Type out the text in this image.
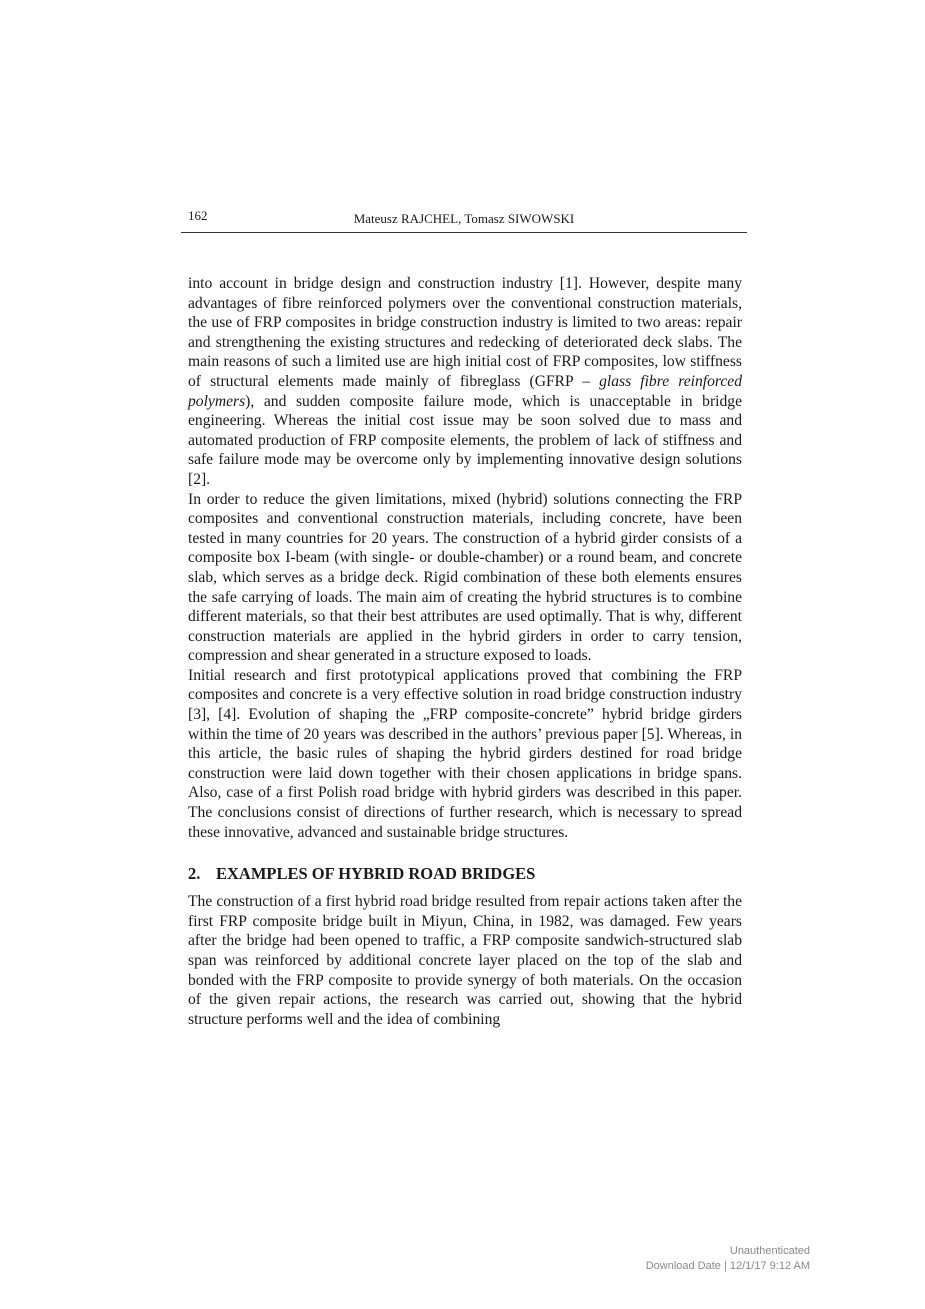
162	Mateusz RAJCHEL, Tomasz SIWOWSKI

into account in bridge design and construction industry [1]. However, despite many advantages of fibre reinforced polymers over the conventional construction materials, the use of FRP composites in bridge construction industry is limited to two areas: repair and strengthening the existing structures and redecking of deteriorated deck slabs. The main reasons of such a limited use are high initial cost of FRP composites, low stiffness of structural elements made mainly of fibreglass (GFRP – glass fibre reinforced polymers), and sudden composite failure mode, which is unacceptable in bridge engineering. Whereas the initial cost issue may be soon solved due to mass and automated production of FRP composite elements, the problem of lack of stiffness and safe failure mode may be overcome only by implementing innovative design solutions [2].

In order to reduce the given limitations, mixed (hybrid) solutions connecting the FRP composites and conventional construction materials, including concrete, have been tested in many countries for 20 years. The construction of a hybrid girder consists of a composite box I-beam (with single- or double-chamber) or a round beam, and concrete slab, which serves as a bridge deck. Rigid combination of these both elements ensures the safe carrying of loads. The main aim of creating the hybrid structures is to combine different materials, so that their best attributes are used optimally. That is why, different construction materials are applied in the hybrid girders in order to carry tension, compression and shear generated in a structure exposed to loads.

Initial research and first prototypical applications proved that combining the FRP composites and concrete is a very effective solution in road bridge construction industry [3], [4]. Evolution of shaping the „FRP composite-concrete” hybrid bridge girders within the time of 20 years was described in the authors’ previous paper [5]. Whereas, in this article, the basic rules of shaping the hybrid girders destined for road bridge construction were laid down together with their chosen applications in bridge spans. Also, case of a first Polish road bridge with hybrid girders was described in this paper. The conclusions consist of directions of further research, which is necessary to spread these innovative, advanced and sustainable bridge structures.

2. EXAMPLES OF HYBRID ROAD BRIDGES

The construction of a first hybrid road bridge resulted from repair actions taken after the first FRP composite bridge built in Miyun, China, in 1982, was damaged. Few years after the bridge had been opened to traffic, a FRP composite sandwich-structured slab span was reinforced by additional concrete layer placed on the top of the slab and bonded with the FRP composite to provide synergy of both materials. On the occasion of the given repair actions, the research was carried out, showing that the hybrid structure performs well and the idea of combining

Unauthenticated
Download Date | 12/1/17 9:12 AM
